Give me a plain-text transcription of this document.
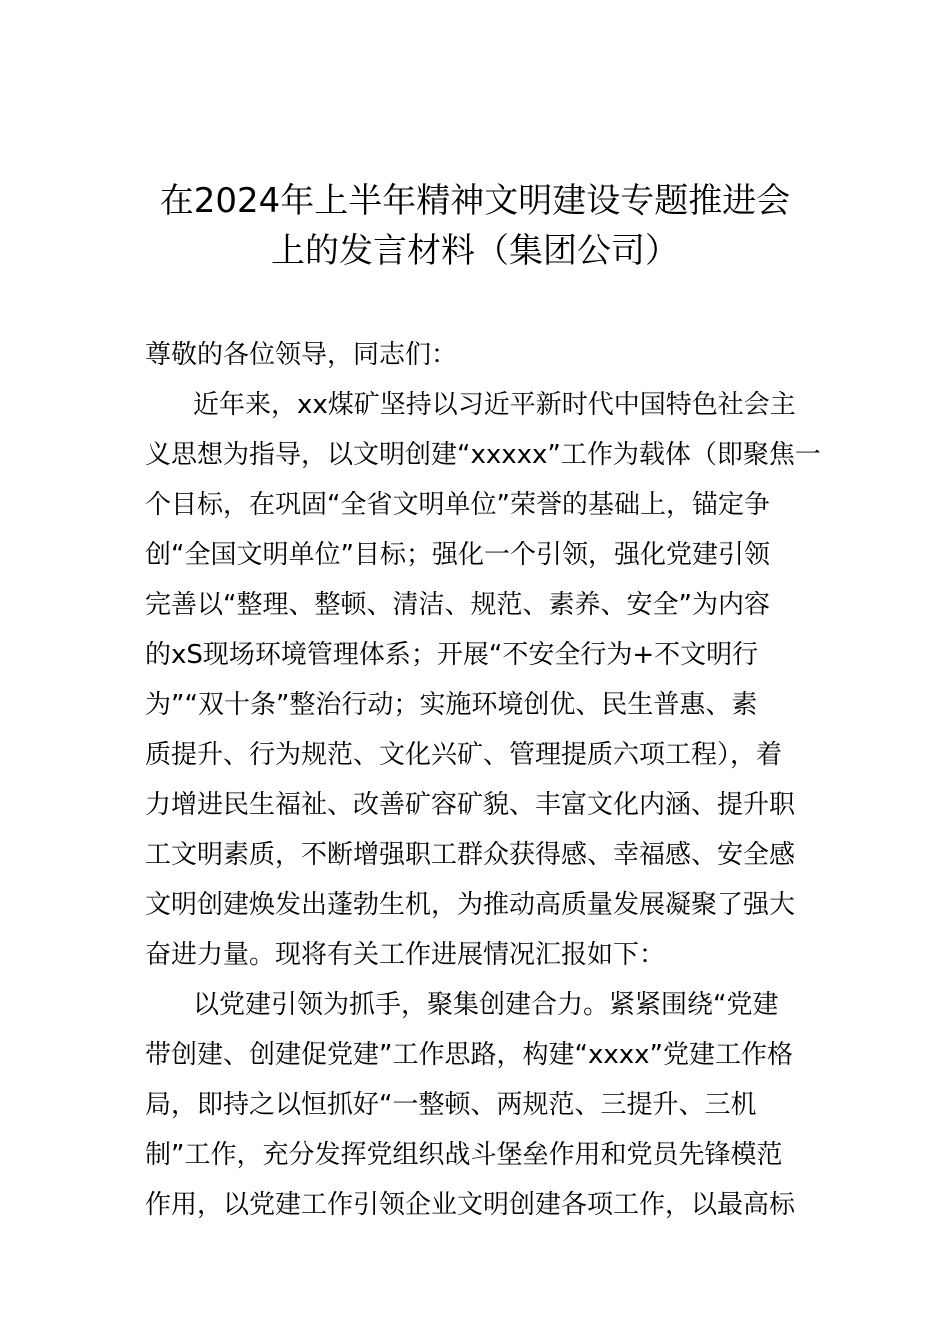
在2024年上半年精神文明建设专题推进会
上的发言材料（集团公司）
尊敬的各位领导，同志们：
近年来，xx煤矿坚持以习近平新时代中国特色社会主
义思想为指导，以文明创建“xxxxx”工作为载体（即聚焦一
个目标，在巩固“全省文明单位”荣誉的基础上，锚定争
创“全国文明单位”目标；强化一个引领，强化党建引领
完善以“整理、整顿、清洁、规范、素养、安全”为内容
的xS现场环境管理体系；开展“不安全行为+不文明行
为”“双十条”整治行动；实施环境创优、民生普惠、素
质提升、行为规范、文化兴矿、管理提质六项工程），着
力增进民生福祉、改善矿容矿貌、丰富文化内涵、提升职
工文明素质，不断增强职工群众获得感、幸福感、安全感
文明创建焕发出蓬勃生机，为推动高质量发展凝聚了强大
奋进力量。现将有关工作进展情况汇报如下：
以党建引领为抓手，聚集创建合力。紧紧围绕“党建
带创建、创建促党建”工作思路，构建“xxxx”党建工作格
局，即持之以恒抓好“一整顿、两规范、三提升、三机
制”工作，充分发挥党组织战斗堡垒作用和党员先锋模范
作用，以党建工作引领企业文明创建各项工作，以最高标
